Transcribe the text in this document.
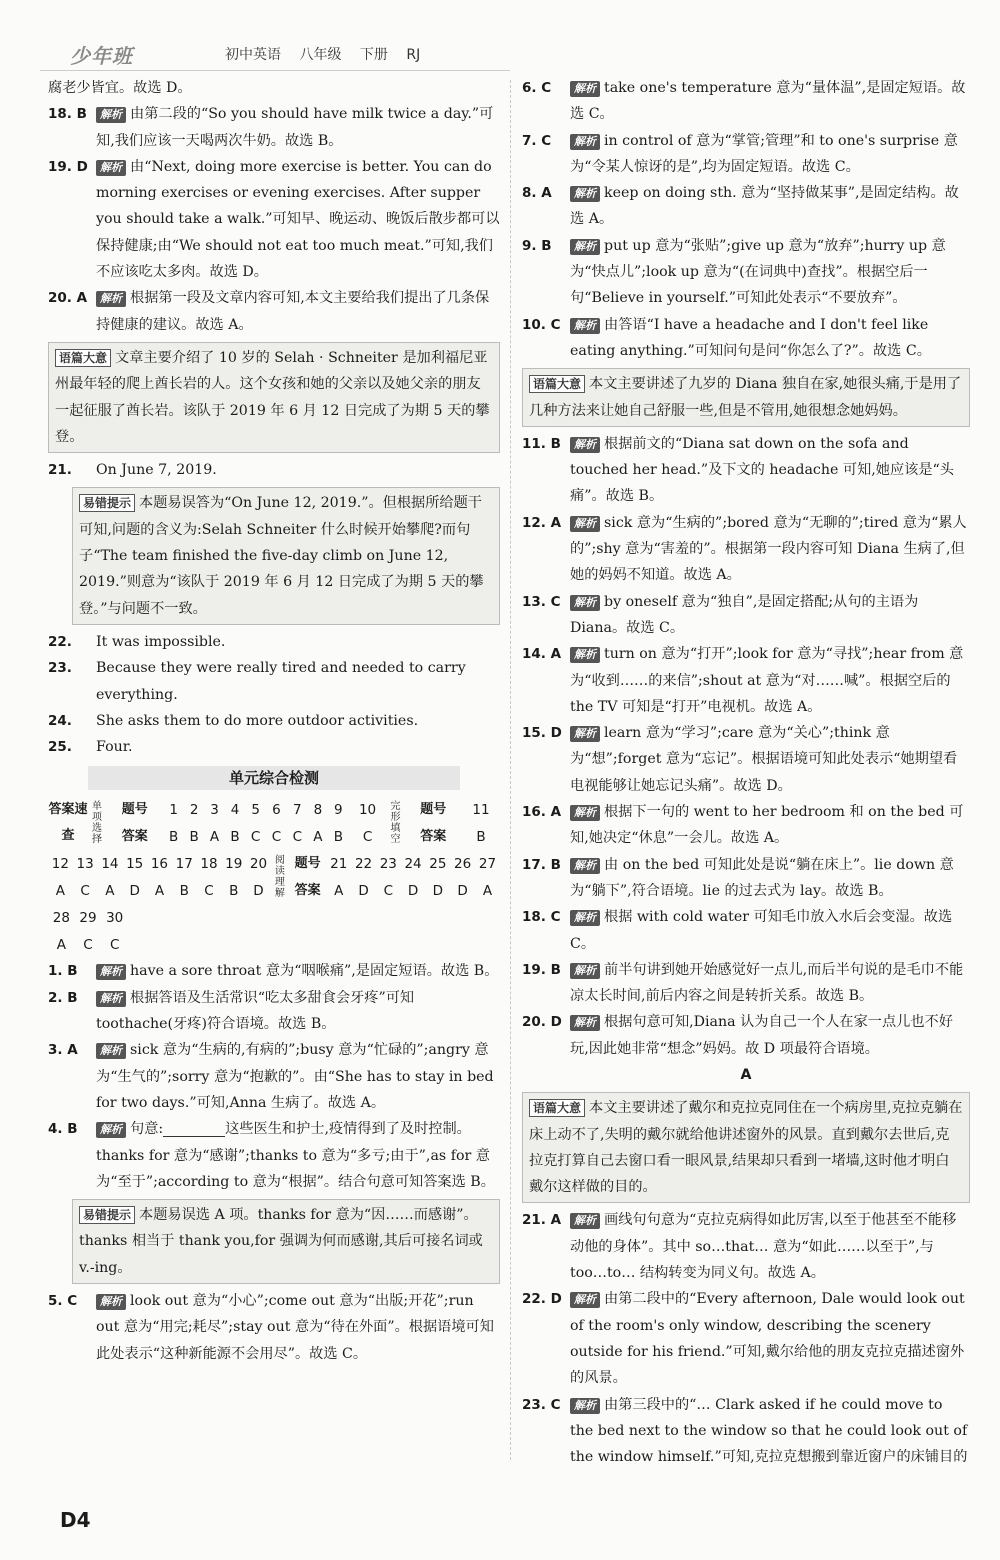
少年班	初中英语 八年级 下册 RJ
腐老少皆宜。故选 D。
18. B	解析 由第二段的“So you should have milk twice a day.”可知,我们应该一天喝两次牛奶。故选 B。
19. D	解析 由“Next, doing more exercise is better. You can do morning exercises or evening exercises. After supper you should take a walk.”可知早、晚运动、晚饭后散步都可以保持健康;由“We should not eat too much meat.”可知,我们不应该吃太多肉。故选 D。
20. A	解析 根据第一段及文章内容可知,本文主要给我们提出了几条保持健康的建议。故选 A。
语篇大意 文章主要介绍了 10 岁的 Selah · Schneiter 是加利福尼亚州最年轻的爬上酋长岩的人。这个女孩和她的父亲以及她父亲的朋友一起征服了酋长岩。该队于 2019 年 6 月 12 日完成了为期 5 天的攀登。
21.	On June 7, 2019.
易错提示 本题易误答为“On June 12, 2019.”。但根据所给题干可知,问题的含义为:Selah Schneiter 什么时候开始攀爬?而句子“The team finished the five-day climb on June 12, 2019.”则意为“该队于 2019 年 6 月 12 日完成了为期 5 天的攀登。”与问题不一致。
22.	It was impossible.
23.	Because they were really tired and needed to carry everything.
24.	She asks them to do more outdoor activities.
25.	Four.
单元综合检测
答案速查	单项选择	题号	1	2	3	4	5	6	7	8	9	10	完形填空	题号	11
		答案	B	B	A	B	C	C	C	A	B	C		答案	B
12	13	14	15	16	17	18	19	20	阅读理解	题号	21	22	23	24	25	26	27
A	C	A	D	A	B	C	B	D		答案	A	D	C	D	D	D	A
28	29	30
A	C	C
1. B	解析 have a sore throat 意为“咽喉痛”,是固定短语。故选 B。
2. B	解析 根据答语及生活常识“吃太多甜食会牙疼”可知 toothache(牙疼)符合语境。故选 B。
3. A	解析 sick 意为“生病的,有病的”;busy 意为“忙碌的”;angry 意为“生气的”;sorry 意为“抱歉的”。由“She has to stay in bed for two days.”可知,Anna 生病了。故选 A。
4. B	解析 句意:	这些医生和护士,疫情得到了及时控制。thanks for 意为“感谢”;thanks to 意为“多亏;由于”,as for 意为“至于”;according to 意为“根据”。结合句意可知答案选 B。
易错提示 本题易误选 A 项。thanks for 意为“因……而感谢”。thanks 相当于 thank you,for 强调为何而感谢,其后可接名词或 v.-ing。
5. C	解析 look out 意为“小心”;come out 意为“出版;开花”;run out 意为“用完;耗尽”;stay out 意为“待在外面”。根据语境可知此处表示“这种新能源不会用尽”。故选 C。
6. C	解析 take one's temperature 意为“量体温”,是固定短语。故选 C。
7. C	解析 in control of 意为“掌管;管理”和 to one's surprise 意为“令某人惊讶的是”,均为固定短语。故选 C。
8. A	解析 keep on doing sth. 意为“坚持做某事”,是固定结构。故选 A。
9. B	解析 put up 意为“张贴”;give up 意为“放弃”;hurry up 意为“快点儿”;look up 意为“(在词典中)查找”。根据空后一句“Believe in yourself.”可知此处表示“不要放弃”。
10. C	解析 由答语“I have a headache and I don't feel like eating anything.”可知问句是问“你怎么了?”。故选 C。
语篇大意 本文主要讲述了九岁的 Diana 独自在家,她很头痛,于是用了几种方法来让她自己舒服一些,但是不管用,她很想念她妈妈。
11. B	解析 根据前文的“Diana sat down on the sofa and touched her head.”及下文的 headache 可知,她应该是“头痛”。故选 B。
12. A	解析 sick 意为“生病的”;bored 意为“无聊的”;tired 意为“累人的”;shy 意为“害羞的”。根据第一段内容可知 Diana 生病了,但她的妈妈不知道。故选 A。
13. C	解析 by oneself 意为“独自”,是固定搭配;从句的主语为 Diana。故选 C。
14. A	解析 turn on 意为“打开”;look for 意为“寻找”;hear from 意为“收到……的来信”;shout at 意为“对……喊”。根据空后的 the TV 可知是“打开”电视机。故选 A。
15. D	解析 learn 意为“学习”;care 意为“关心”;think 意为“想”;forget 意为“忘记”。根据语境可知此处表示“她期望看电视能够让她忘记头痛”。故选 D。
16. A	解析 根据下一句的 went to her bedroom 和 on the bed 可知,她决定“休息”一会儿。故选 A。
17. B	解析 由 on the bed 可知此处是说“躺在床上”。lie down 意为“躺下”,符合语境。lie 的过去式为 lay。故选 B。
18. C	解析 根据 with cold water 可知毛巾放入水后会变湿。故选 C。
19. B	解析 前半句讲到她开始感觉好一点儿,而后半句说的是毛巾不能凉太长时间,前后内容之间是转折关系。故选 B。
20. D	解析 根据句意可知,Diana 认为自己一个人在家一点儿也不好玩,因此她非常“想念”妈妈。故 D 项最符合语境。
A
语篇大意 本文主要讲述了戴尔和克拉克同住在一个病房里,克拉克躺在床上动不了,失明的戴尔就给他讲述窗外的风景。直到戴尔去世后,克拉克打算自己去窗口看一眼风景,结果却只看到一堵墙,这时他才明白戴尔这样做的目的。
21. A	解析 画线句句意为“克拉克病得如此厉害,以至于他甚至不能移动他的身体”。其中 so…that… 意为“如此……以至于”,与 too…to… 结构转变为同义句。故选 A。
22. D	解析 由第二段中的“Every afternoon, Dale would look out of the room's only window, describing the scenery outside for his friend.”可知,戴尔给他的朋友克拉克描述窗外的风景。
23. C	解析 由第三段中的“… Clark asked if he could move to the bed next to the window so that he could look out of the window himself.”可知,克拉克想搬到靠近窗户的床铺目的
D4
